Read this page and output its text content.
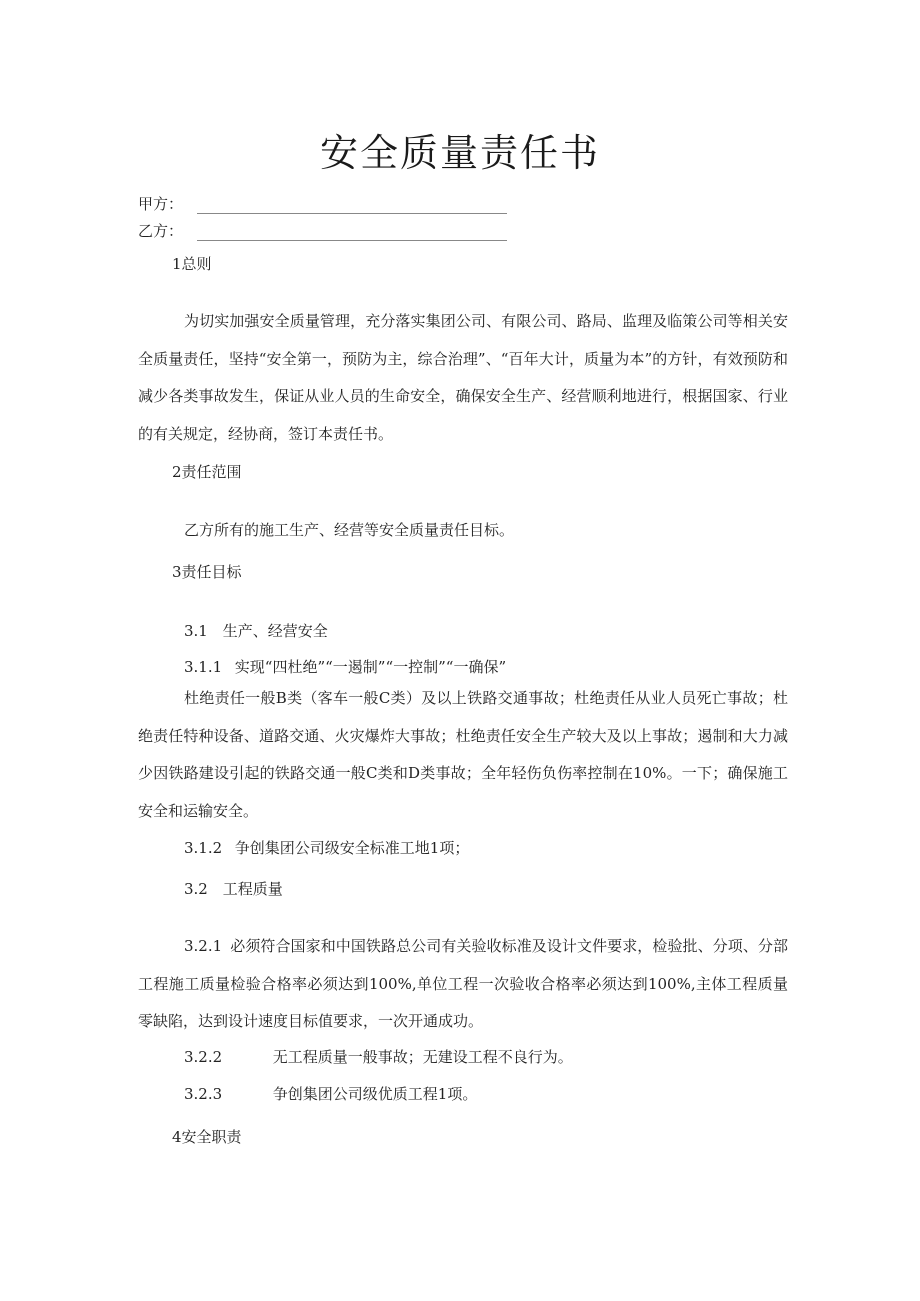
安全质量责任书
甲方：
乙方：
1总则
为切实加强安全质量管理，充分落实集团公司、有限公司、路局、监理及临策公司等相关安全质量责任，坚持“安全第一，预防为主，综合治理”、“百年大计，质量为本”的方针，有效预防和减少各类事故发生，保证从业人员的生命安全，确保安全生产、经营顺利地进行，根据国家、行业的有关规定，经协商，签订本责任书。
2责任范围
乙方所有的施工生产、经营等安全质量责任目标。
3责任目标
3.1 生产、经营安全
3.1.1 实现“四杜绝”“一遏制”“一控制”“一确保”
杜绝责任一般B类（客车一般C类）及以上铁路交通事故；杜绝责任从业人员死亡事故；杜绝责任特种设备、道路交通、火灾爆炸大事故；杜绝责任安全生产较大及以上事故；遏制和大力减少因铁路建设引起的铁路交通一般C类和D类事故；全年轻伤负伤率控制在10%。一下；确保施工安全和运输安全。
3.1.2 争创集团公司级安全标准工地1项；
3.2 工程质量
3.2.1 必须符合国家和中国铁路总公司有关验收标准及设计文件要求，检验批、分项、分部工程施工质量检验合格率必须达到100%,单位工程一次验收合格率必须达到100%,主体工程质量零缺陷，达到设计速度目标值要求，一次开通成功。
3.2.2	无工程质量一般事故；无建设工程不良行为。
3.2.3	争创集团公司级优质工程1项。
4安全职责
